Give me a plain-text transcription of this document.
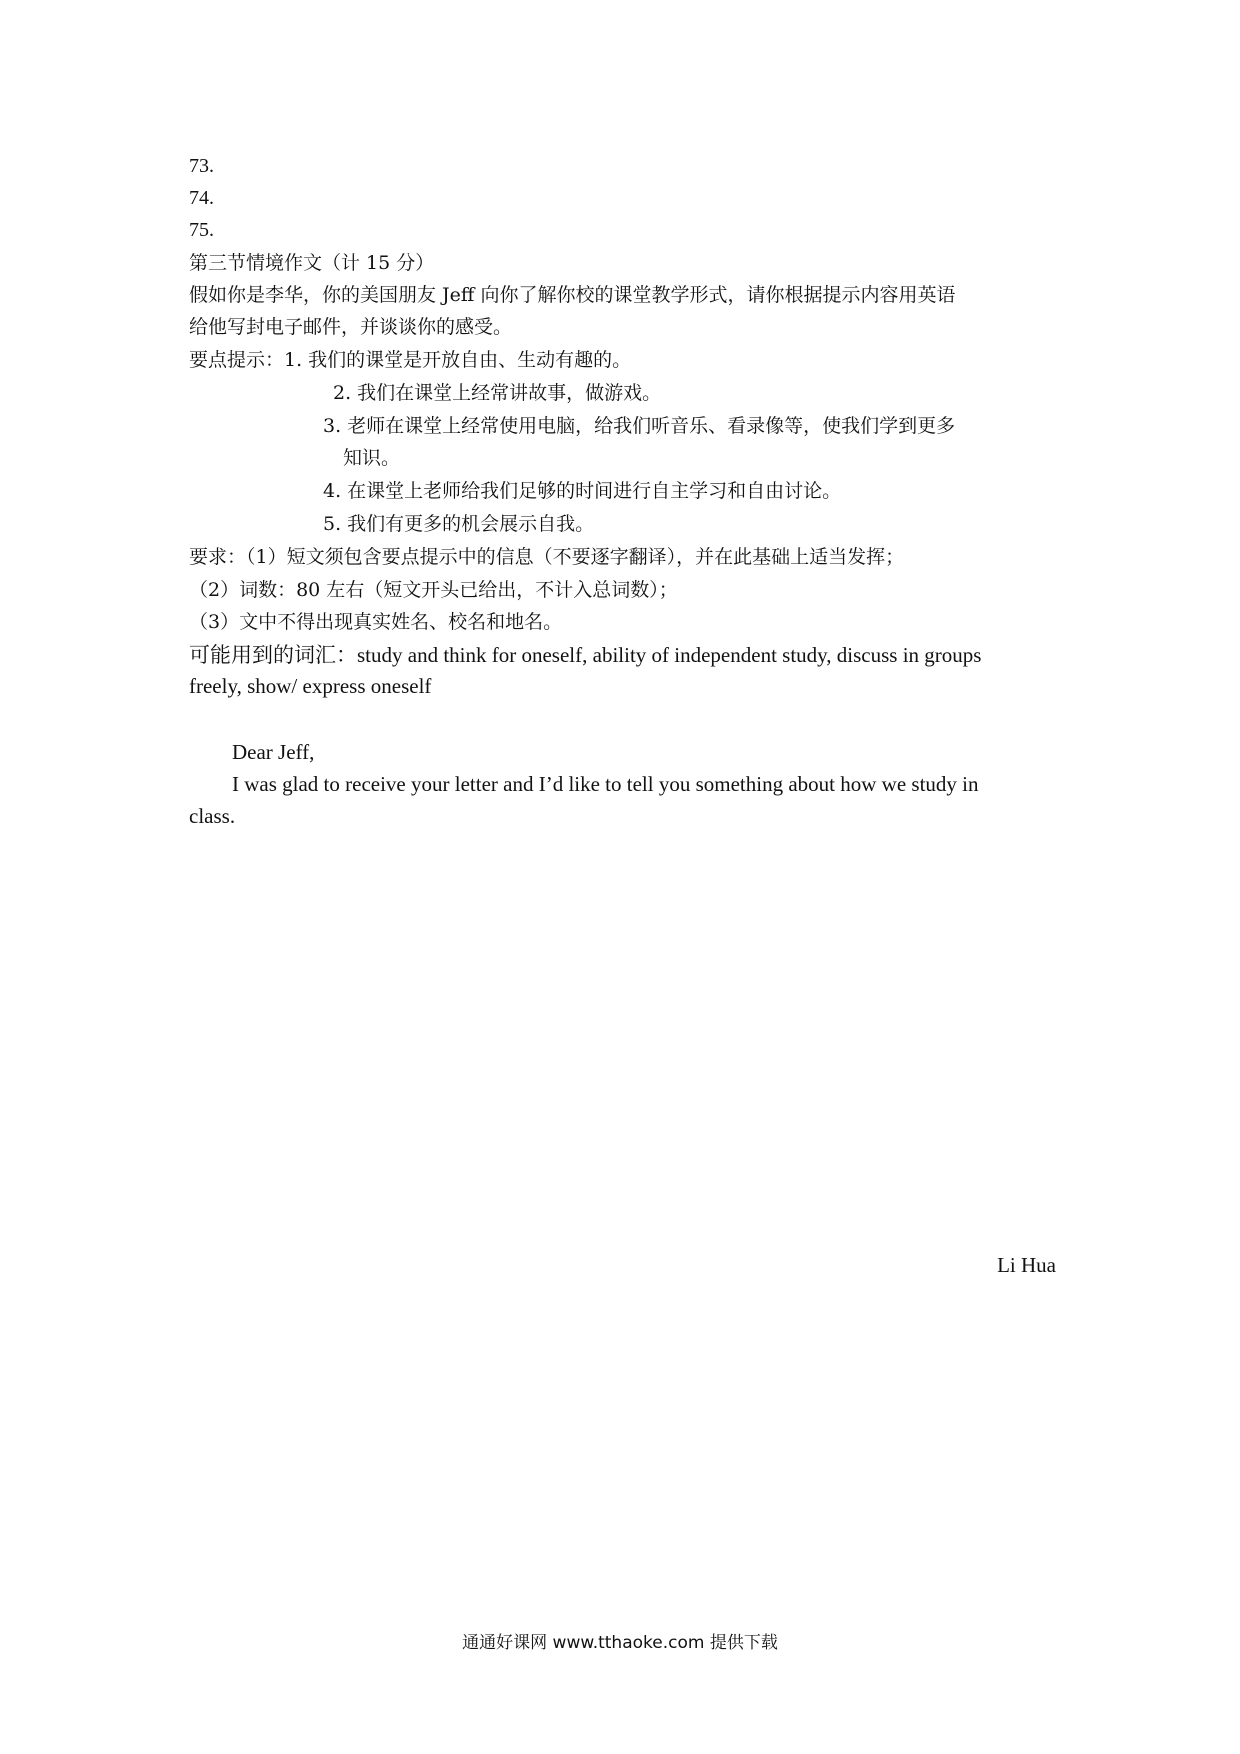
73.
74.
75.
第三节情境作文（计 15 分）
假如你是李华，你的美国朋友 Jeff 向你了解你校的课堂教学形式，请你根据提示内容用英语
给他写封电子邮件，并谈谈你的感受。
要点提示：1. 我们的课堂是开放自由、生动有趣的。
2. 我们在课堂上经常讲故事，做游戏。
3. 老师在课堂上经常使用电脑，给我们听音乐、看录像等，使我们学到更多
知识。
4. 在课堂上老师给我们足够的时间进行自主学习和自由讨论。
5. 我们有更多的机会展示自我。
要求：（1）短文须包含要点提示中的信息（不要逐字翻译），并在此基础上适当发挥；
（2）词数：80 左右（短文开头已给出，不计入总词数）；
（3）文中不得出现真实姓名、校名和地名。
可能用到的词汇：study and think for oneself, ability of independent study, discuss in groups
freely, show/ express oneself
Dear Jeff,
I was glad to receive your letter and I’d like to tell you something about how we study in
class.
Li Hua
通通好课网 www.tthaoke.com 提供下载
